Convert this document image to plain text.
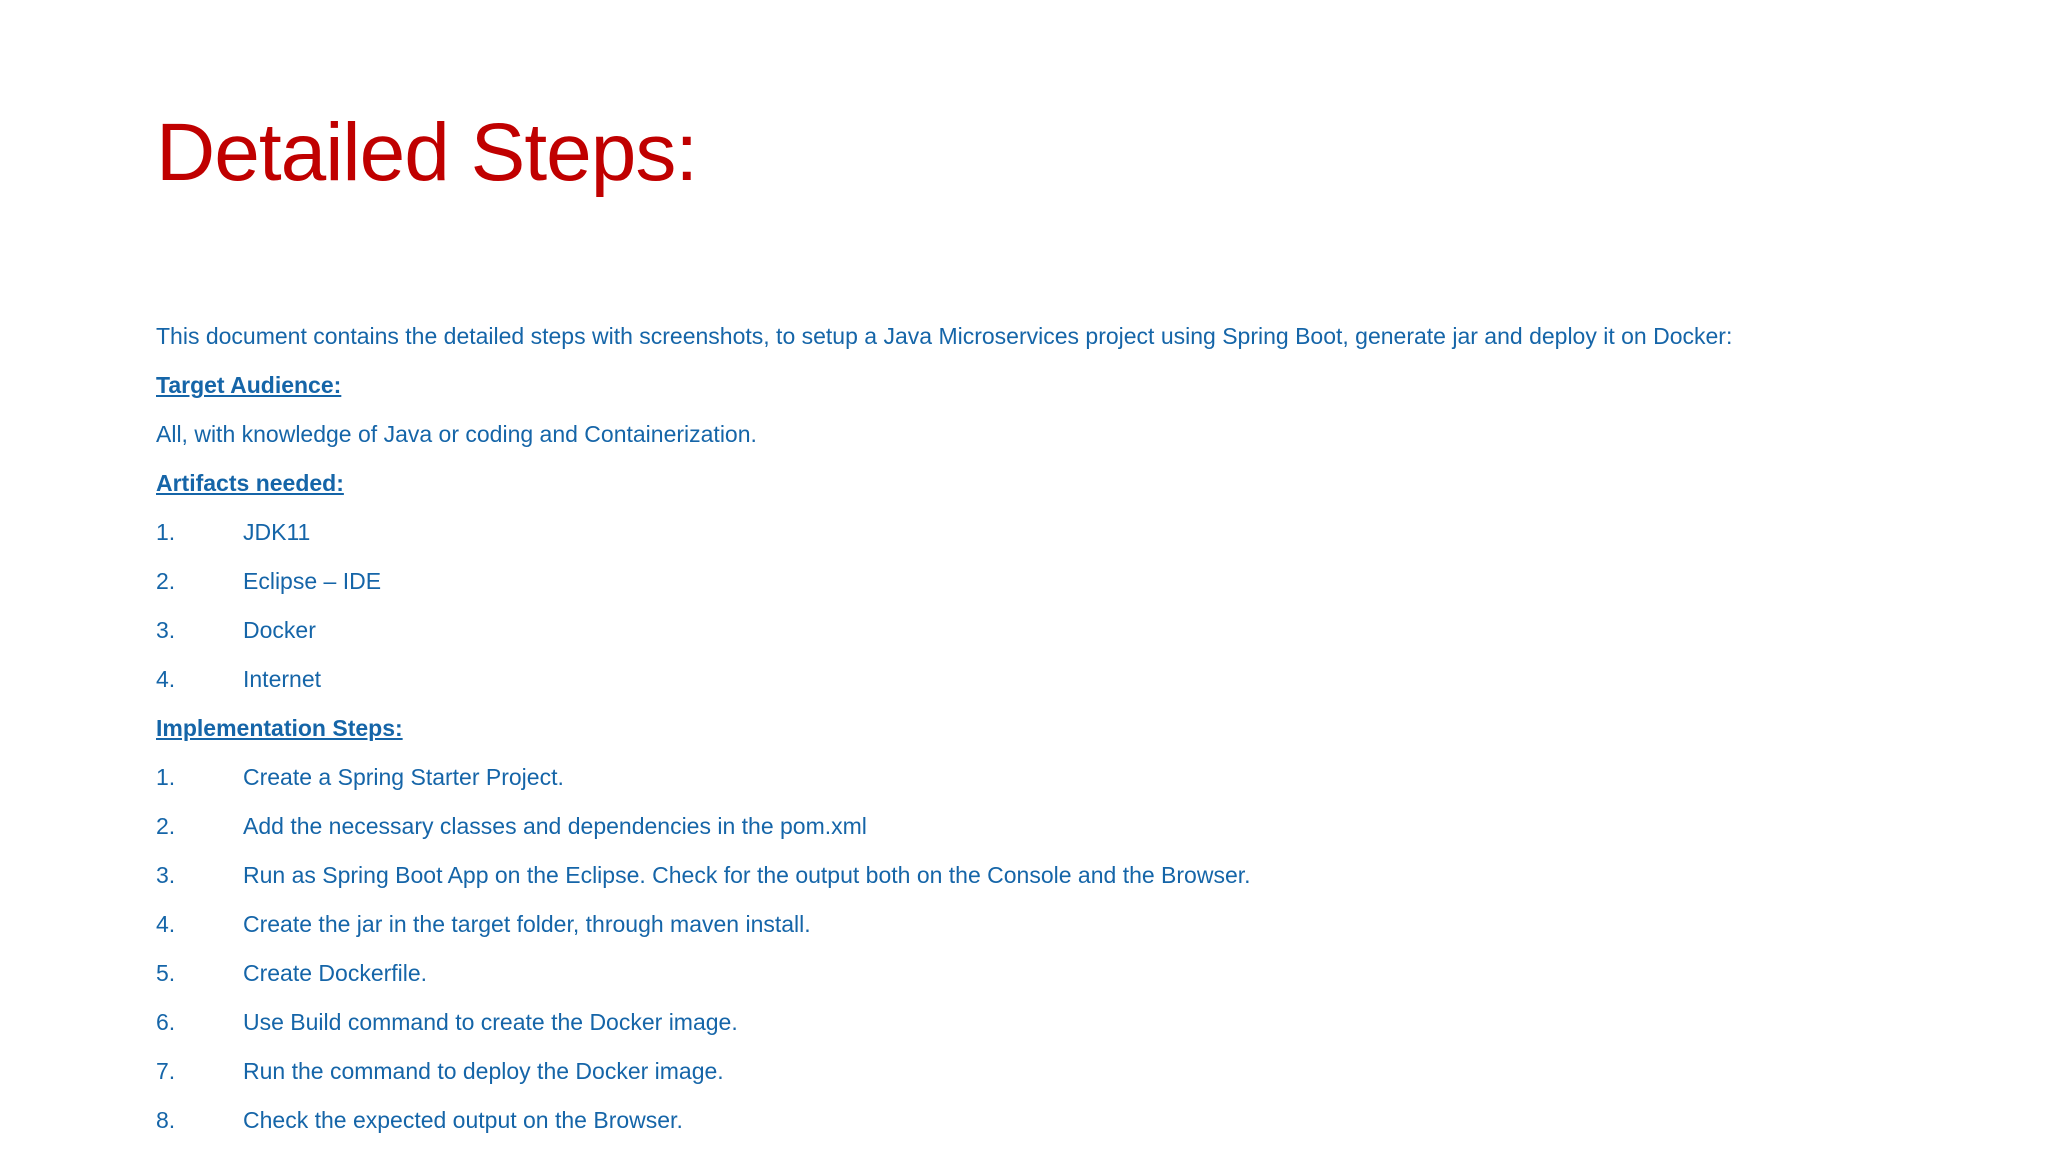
Detailed Steps:

This document contains the detailed steps with screenshots, to setup a Java Microservices project using Spring Boot, generate jar and deploy it on Docker:

Target Audience:

All, with knowledge of Java or coding and Containerization.

Artifacts needed:

1.	JDK11

2.	Eclipse – IDE

3.	Docker

4.	Internet

Implementation Steps:

1.	Create a Spring Starter Project.

2.	Add the necessary classes and dependencies in the pom.xml

3.	Run as Spring Boot App on the Eclipse. Check for the output both on the Console and the Browser.

4.	Create the jar in the target folder, through maven install.

5.	Create Dockerfile.

6.	Use Build command to create the Docker image.

7.	Run the command to deploy the Docker image.

8.	Check the expected output on the Browser.
